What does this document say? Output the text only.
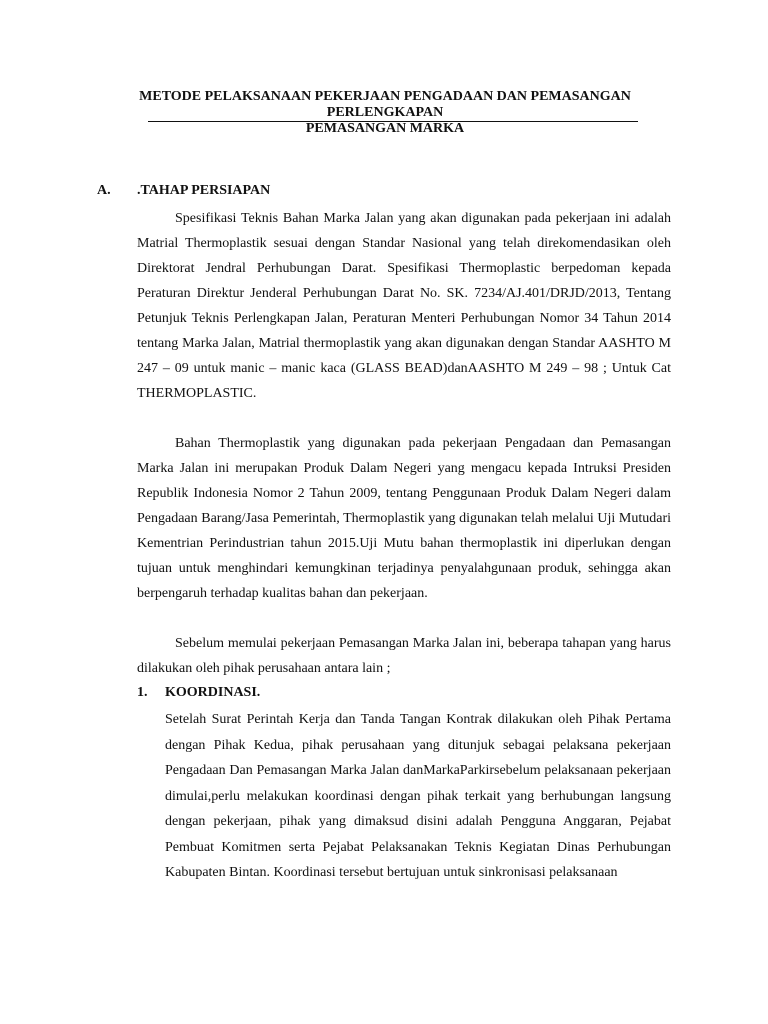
METODE PELAKSANAAN PEKERJAAN PENGADAAN DAN PEMASANGAN

PERLENGKAPAN

PEMASANGAN MARKA

A. .TAHAP PERSIAPAN

Spesifikasi Teknis Bahan Marka Jalan yang akan digunakan pada pekerjaan ini adalah Matrial Thermoplastik sesuai dengan Standar Nasional yang telah direkomendasikan oleh Direktorat Jendral Perhubungan Darat. Spesifikasi Thermoplastic berpedoman kepada Peraturan Direktur Jenderal Perhubungan Darat No. SK. 7234/AJ.401/DRJD/2013, Tentang Petunjuk Teknis Perlengkapan Jalan, Peraturan Menteri Perhubungan Nomor 34 Tahun 2014 tentang Marka Jalan, Matrial thermoplastik yang akan digunakan dengan Standar AASHTO M 247 – 09 untuk manic – manic kaca (GLASS BEAD)danAASHTO M 249 – 98 ; Untuk Cat THERMOPLASTIC.

Bahan Thermoplastik yang digunakan pada pekerjaan Pengadaan dan Pemasangan Marka Jalan ini merupakan Produk Dalam Negeri yang mengacu kepada Intruksi Presiden Republik Indonesia Nomor 2 Tahun 2009, tentang Penggunaan Produk Dalam Negeri dalam Pengadaan Barang/Jasa Pemerintah, Thermoplastik yang digunakan telah melalui Uji Mutudari Kementrian Perindustrian tahun 2015.Uji Mutu bahan thermoplastik ini diperlukan dengan tujuan untuk menghindari kemungkinan terjadinya penyalahgunaan produk, sehingga akan berpengaruh terhadap kualitas bahan dan pekerjaan.

Sebelum memulai pekerjaan Pemasangan Marka Jalan ini, beberapa tahapan yang harus dilakukan oleh pihak perusahaan antara lain ;

1. KOORDINASI.

Setelah Surat Perintah Kerja dan Tanda Tangan Kontrak dilakukan oleh Pihak Pertama dengan Pihak Kedua, pihak perusahaan yang ditunjuk sebagai pelaksana pekerjaan Pengadaan Dan Pemasangan Marka Jalan danMarkaParkirsebelum pelaksanaan pekerjaan dimulai,perlu melakukan koordinasi dengan pihak terkait yang berhubungan langsung dengan pekerjaan, pihak yang dimaksud disini adalah Pengguna Anggaran, Pejabat Pembuat Komitmen serta Pejabat Pelaksanakan Teknis Kegiatan Dinas Perhubungan Kabupaten Bintan. Koordinasi tersebut bertujuan untuk sinkronisasi pelaksanaan
